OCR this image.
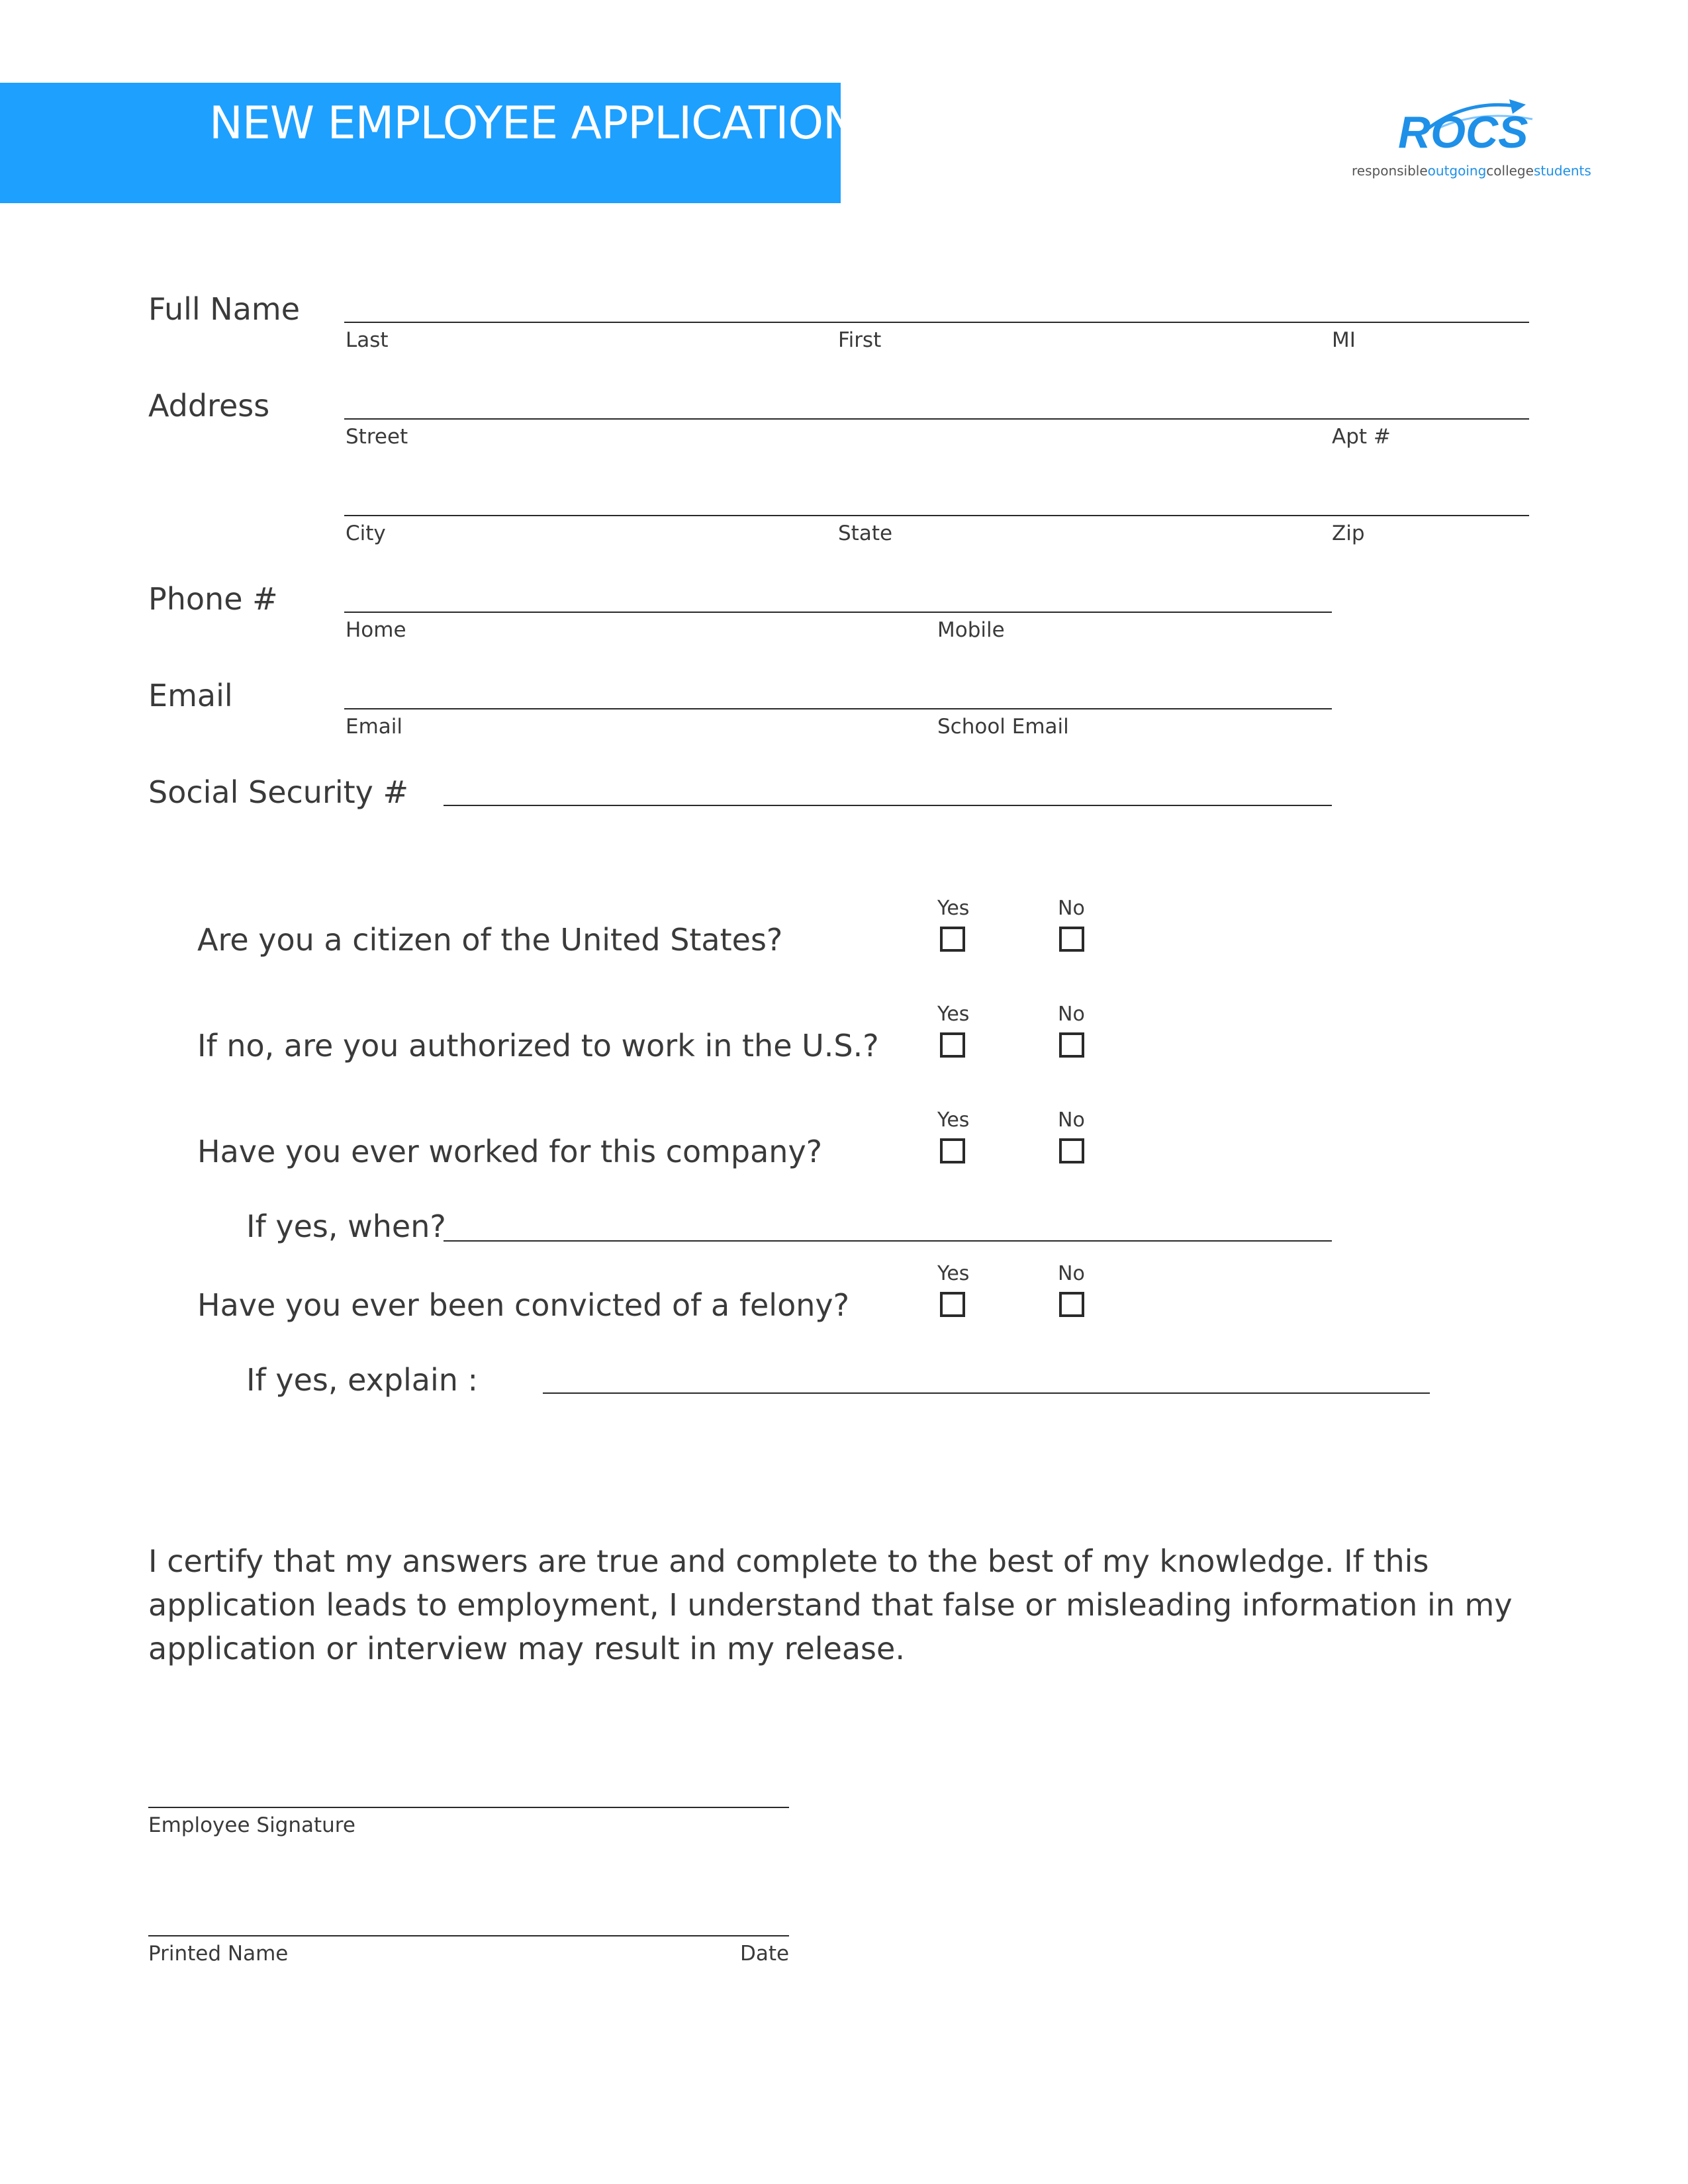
NEW EMPLOYEE APPLICATION	ROCS
responsibleoutgoingcollegestudents
Full Name
Last	First	MI
Address
Street	Apt #
City	State	Zip
Phone #
Home	Mobile
Email
Email	School Email
Social Security #
Yes	No
Are you a citizen of the United States?
Yes	No
If no, are you authorized to work in the U.S.?
Yes	No
Have you ever worked for this company?
If yes, when?
Yes	No
Have you ever been convicted of a felony?
If yes, explain :
I certify that my answers are true and complete to the best of my knowledge. If this application leads to employment, I understand that false or misleading information in my application or interview may result in my release.
Employee Signature
Printed Name	Date
